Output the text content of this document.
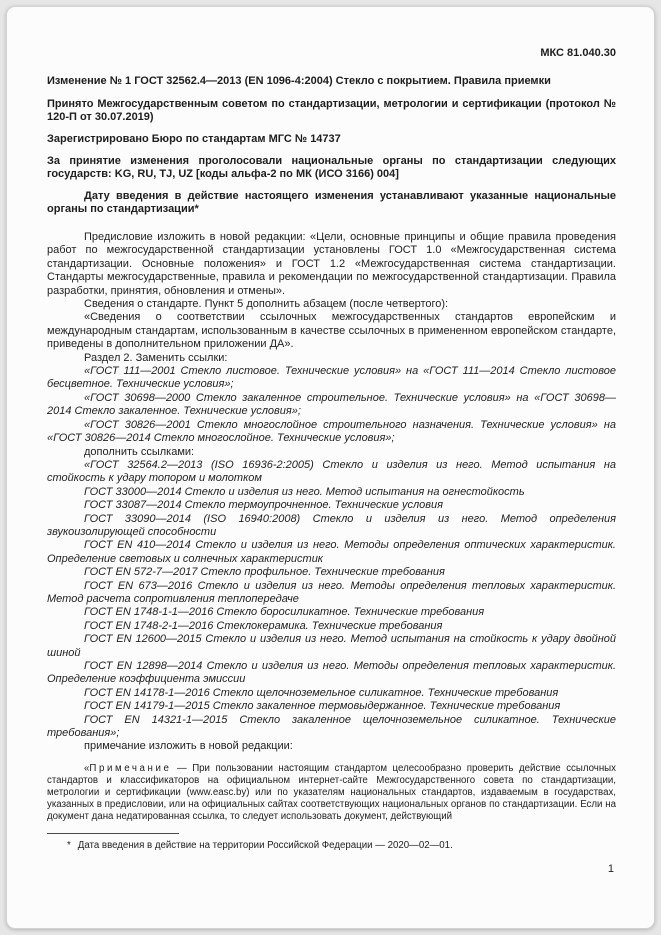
МКС 81.040.30
Изменение № 1 ГОСТ 32562.4—2013 (EN 1096-4:2004) Стекло с покрытием. Правила приемки

Принято Межгосударственным советом по стандартизации, метрологии и сертификации (протокол № 120-П от 30.07.2019)

Зарегистрировано Бюро по стандартам МГС № 14737

За принятие изменения проголосовали национальные органы по стандартизации следующих государств: KG, RU, TJ, UZ [коды альфа-2 по МК (ИСО 3166) 004]

Дату введения в действие настоящего изменения устанавливают указанные национальные органы по стандартизации*

Предисловие изложить в новой редакции: «Цели, основные принципы и общие правила проведения работ по межгосударственной стандартизации установлены ГОСТ 1.0 «Межгосударственная система стандартизации. Основные положения» и ГОСТ 1.2 «Межгосударственная система стандартизации. Стандарты межгосударственные, правила и рекомендации по межгосударственной стандартизации. Правила разработки, принятия, обновления и отмены».

Сведения о стандарте. Пункт 5 дополнить абзацем (после четвертого):

«Сведения о соответствии ссылочных межгосударственных стандартов европейским и международным стандартам, использованным в качестве ссылочных в примененном европейском стандарте, приведены в дополнительном приложении ДА».

Раздел 2. Заменить ссылки:

«ГОСТ 111—2001 Стекло листовое. Технические условия» на «ГОСТ 111—2014 Стекло листовое бесцветное. Технические условия»;

«ГОСТ 30698—2000 Стекло закаленное строительное. Технические условия» на «ГОСТ 30698—2014 Стекло закаленное. Технические условия»;

«ГОСТ 30826—2001 Стекло многослойное строительного назначения. Технические условия» на «ГОСТ 30826—2014 Стекло многослойное. Технические условия»;

дополнить ссылками:

«ГОСТ 32564.2—2013 (ISO 16936-2:2005) Стекло и изделия из него. Метод испытания на стойкость к удару топором и молотком

ГОСТ 33000—2014 Стекло и изделия из него. Метод испытания на огнестойкость

ГОСТ 33087—2014 Стекло термоупрочненное. Технические условия

ГОСТ 33090—2014 (ISO 16940:2008) Стекло и изделия из него. Метод определения звукоизолирующей способности

ГОСТ EN 410—2014 Стекло и изделия из него. Методы определения оптических характеристик. Определение световых и солнечных характеристик

ГОСТ EN 572-7—2017 Стекло профильное. Технические требования

ГОСТ EN 673—2016 Стекло и изделия из него. Методы определения тепловых характеристик. Метод расчета сопротивления теплопередаче

ГОСТ EN 1748-1-1—2016 Стекло боросиликатное. Технические требования

ГОСТ EN 1748-2-1—2016 Стеклокерамика. Технические требования

ГОСТ EN 12600—2015 Стекло и изделия из него. Метод испытания на стойкость к удару двойной шиной

ГОСТ EN 12898—2014 Стекло и изделия из него. Методы определения тепловых характеристик. Определение коэффициента эмиссии

ГОСТ EN 14178-1—2016 Стекло щелочноземельное силикатное. Технические требования

ГОСТ EN 14179-1—2015 Стекло закаленное термовыдержанное. Технические требования

ГОСТ EN 14321-1—2015 Стекло закаленное щелочноземельное силикатное. Технические требования»;

примечание изложить в новой редакции:

«Примечание — При пользовании настоящим стандартом целесообразно проверить действие ссылочных стандартов и классификаторов на официальном интернет-сайте Межгосударственного совета по стандартизации, метрологии и сертификации (www.easc.by) или по указателям национальных стандартов, издаваемым в государствах, указанных в предисловии, или на официальных сайтах соответствующих национальных органов по стандартизации. Если на документ дана недатированная ссылка, то следует использовать документ, действующий

* Дата введения в действие на территории Российской Федерации — 2020—02—01.
1
